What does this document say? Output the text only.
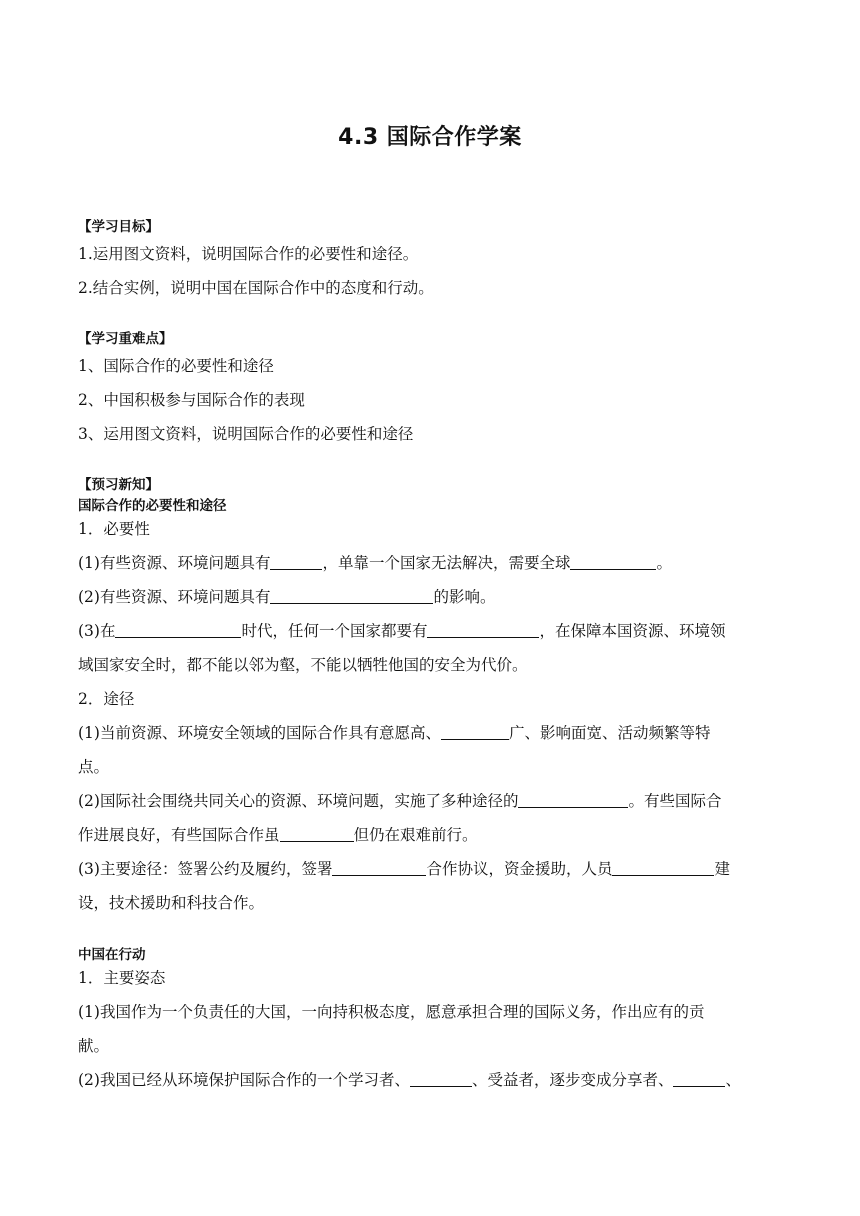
4.3 国际合作学案
【学习目标】
1.运用图文资料，说明国际合作的必要性和途径。
2.结合实例，说明中国在国际合作中的态度和行动。
【学习重难点】
1、国际合作的必要性和途径
2、中国积极参与国际合作的表现
3、运用图文资料，说明国际合作的必要性和途径
【预习新知】
国际合作的必要性和途径
1．必要性
(1)有些资源、环境问题具有	，单靠一个国家无法解决，需要全球	。
(2)有些资源、环境问题具有	的影响。
(3)在	时代，任何一个国家都要有	，在保障本国资源、环境领
域国家安全时，都不能以邻为壑，不能以牺牲他国的安全为代价。
2．途径
(1)当前资源、环境安全领域的国际合作具有意愿高、	广、影响面宽、活动频繁等特
点。
(2)国际社会围绕共同关心的资源、环境问题，实施了多种途径的	。有些国际合
作进展良好，有些国际合作虽	但仍在艰难前行。
(3)主要途径：签署公约及履约，签署	合作协议，资金援助，人员	建
设，技术援助和科技合作。
中国在行动
1．主要姿态
(1)我国作为一个负责任的大国，一向持积极态度，愿意承担合理的国际义务，作出应有的贡
献。
(2)我国已经从环境保护国际合作的一个学习者、	、受益者，逐步变成分享者、	、
